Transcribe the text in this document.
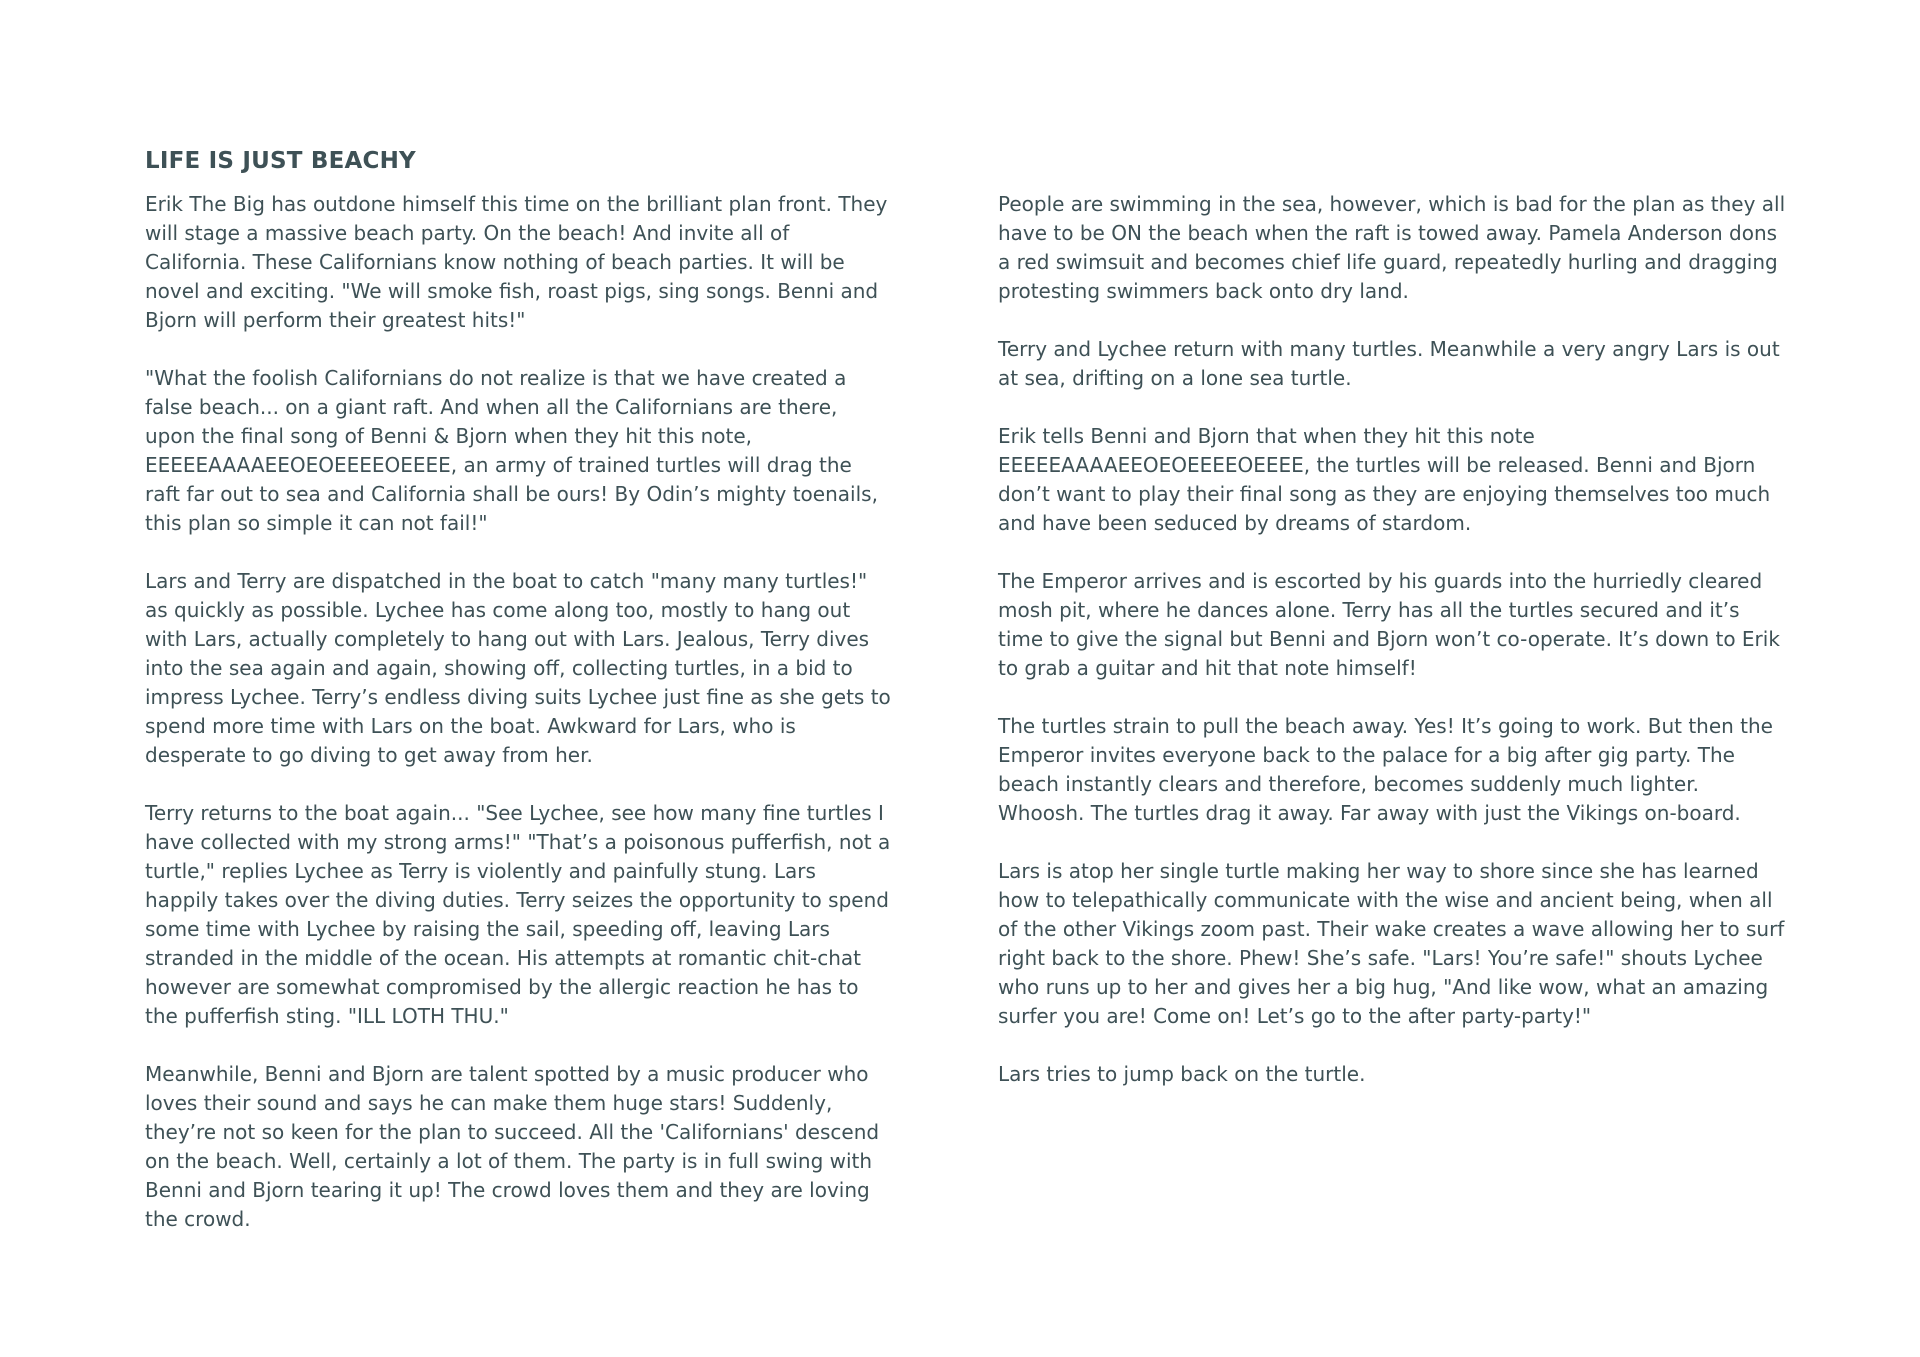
LIFE IS JUST BEACHY

Erik The Big has outdone himself this time on the brilliant plan front. They will stage a massive beach party. On the beach! And invite all of California. These Californians know nothing of beach parties. It will be novel and exciting. "We will smoke fish, roast pigs, sing songs. Benni and Bjorn will perform their greatest hits!"

"What the foolish Californians do not realize is that we have created a false beach... on a giant raft. And when all the Californians are there, upon the final song of Benni & Bjorn when they hit this note, EEEEEAAAAEEOEOEEEEOEEEE, an army of trained turtles will drag the raft far out to sea and California shall be ours! By Odin’s mighty toenails, this plan so simple it can not fail!"

Lars and Terry are dispatched in the boat to catch "many many turtles!" as quickly as possible. Lychee has come along too, mostly to hang out with Lars, actually completely to hang out with Lars. Jealous, Terry dives into the sea again and again, showing off, collecting turtles, in a bid to impress Lychee. Terry’s endless diving suits Lychee just fine as she gets to spend more time with Lars on the boat. Awkward for Lars, who is desperate to go diving to get away from her.

Terry returns to the boat again... "See Lychee, see how many fine turtles I have collected with my strong arms!" "That’s a poisonous pufferfish, not a turtle," replies Lychee as Terry is violently and painfully stung. Lars happily takes over the diving duties. Terry seizes the opportunity to spend some time with Lychee by raising the sail, speeding off, leaving Lars stranded in the middle of the ocean. His attempts at romantic chit-chat however are somewhat compromised by the allergic reaction he has to the pufferfish sting. "ILL LOTH THU."

Meanwhile, Benni and Bjorn are talent spotted by a music producer who loves their sound and says he can make them huge stars! Suddenly, they’re not so keen for the plan to succeed. All the 'Californians' descend on the beach. Well, certainly a lot of them. The party is in full swing with Benni and Bjorn tearing it up! The crowd loves them and they are loving the crowd.

People are swimming in the sea, however, which is bad for the plan as they all have to be ON the beach when the raft is towed away. Pamela Anderson dons a red swimsuit and becomes chief life guard, repeatedly hurling and dragging protesting swimmers back onto dry land.

Terry and Lychee return with many turtles. Meanwhile a very angry Lars is out at sea, drifting on a lone sea turtle.

Erik tells Benni and Bjorn that when they hit this note EEEEEAAAAEEOEOEEEEOEEEE, the turtles will be released. Benni and Bjorn don’t want to play their final song as they are enjoying themselves too much and have been seduced by dreams of stardom.

The Emperor arrives and is escorted by his guards into the hurriedly cleared mosh pit, where he dances alone. Terry has all the turtles secured and it’s time to give the signal but Benni and Bjorn won’t co-operate. It’s down to Erik to grab a guitar and hit that note himself!

The turtles strain to pull the beach away. Yes! It’s going to work. But then the Emperor invites everyone back to the palace for a big after gig party. The beach instantly clears and therefore, becomes suddenly much lighter. Whoosh. The turtles drag it away. Far away with just the Vikings on-board.

Lars is atop her single turtle making her way to shore since she has learned how to telepathically communicate with the wise and ancient being, when all of the other Vikings zoom past. Their wake creates a wave allowing her to surf right back to the shore. Phew! She’s safe. "Lars! You’re safe!" shouts Lychee who runs up to her and gives her a big hug, "And like wow, what an amazing surfer you are! Come on! Let’s go to the after party-party!"

Lars tries to jump back on the turtle.
